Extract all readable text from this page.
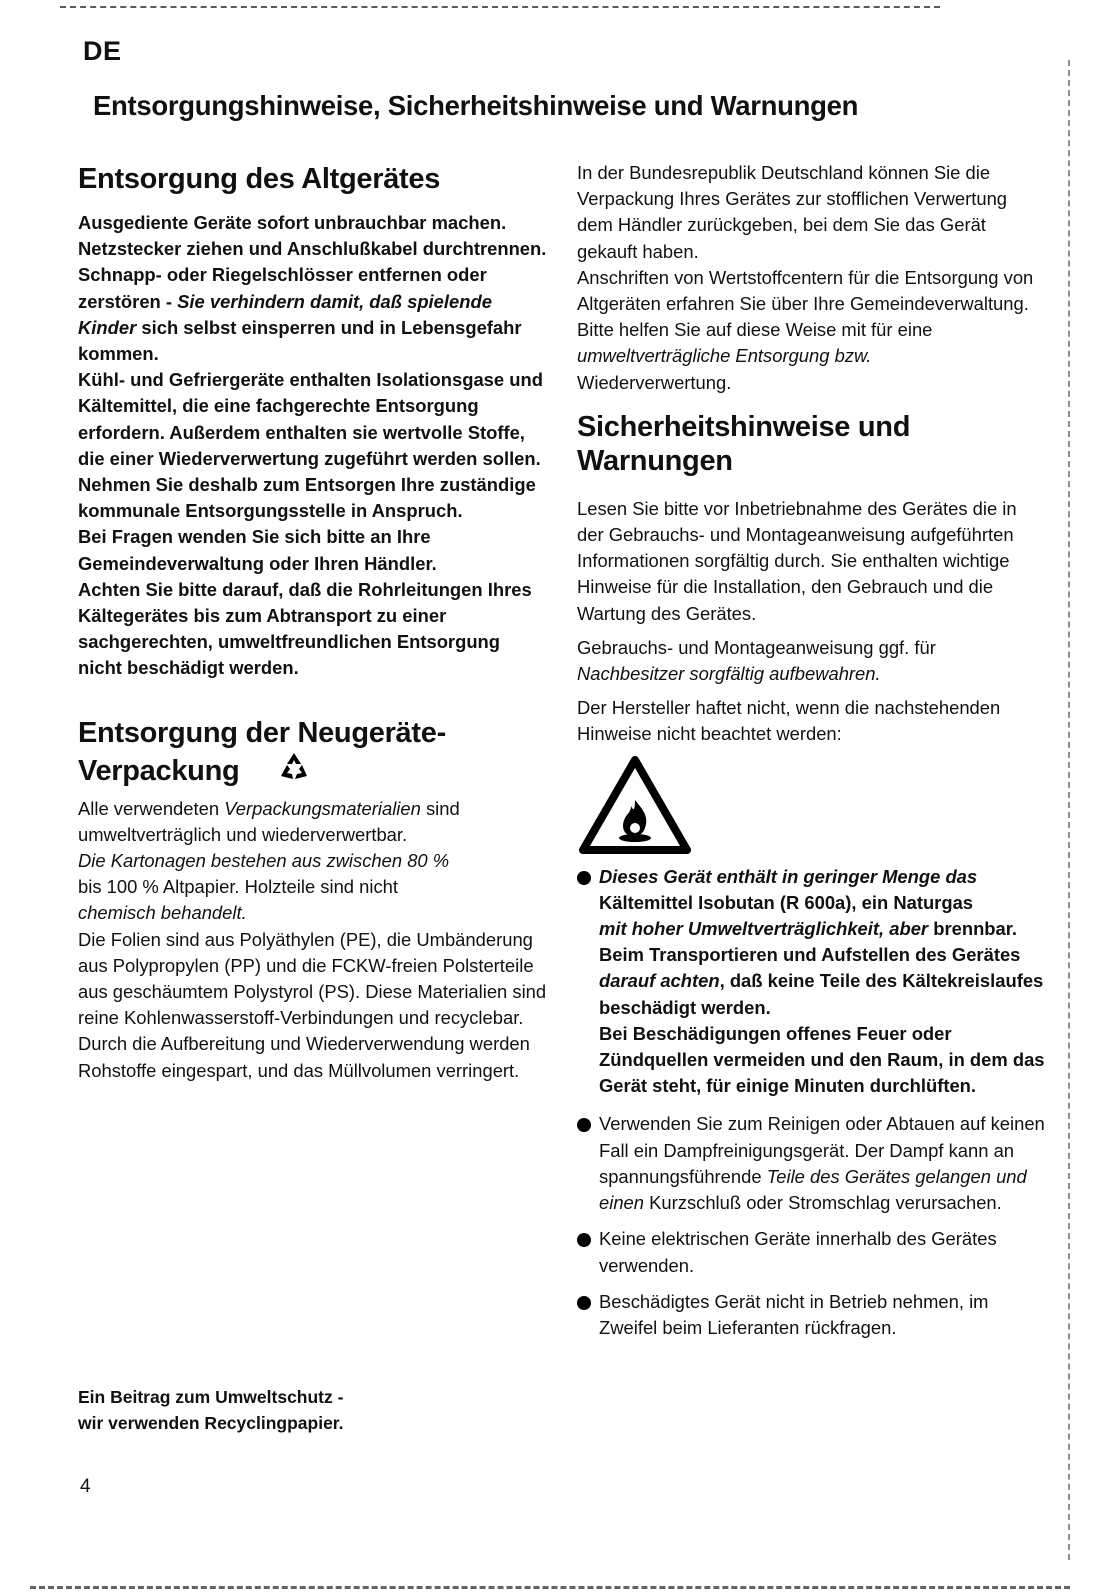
DE
Entsorgungshinweise, Sicherheitshinweise und Warnungen
Entsorgung des Altgerätes

Ausgediente Geräte sofort unbrauchbar machen. Netzstecker ziehen und Anschlußkabel durchtrennen. Schnapp- oder Riegelschlösser entfernen oder zerstören - Sie verhindern damit, daß spielende Kinder sich selbst einsperren und in Lebensgefahr kommen.

Kühl- und Gefriergeräte enthalten Isolationsgase und Kältemittel, die eine fachgerechte Entsorgung erfordern. Außerdem enthalten sie wertvolle Stoffe, die einer Wiederverwertung zugeführt werden sollen. Nehmen Sie deshalb zum Entsorgen Ihre zuständige kommunale Entsorgungsstelle in Anspruch.

Bei Fragen wenden Sie sich bitte an Ihre Gemeindeverwaltung oder Ihren Händler.

Achten Sie bitte darauf, daß die Rohrleitungen Ihres Kältegerätes bis zum Abtransport zu einer sachgerechten, umweltfreundlichen Entsorgung nicht beschädigt werden.

Entsorgung der Neugeräte-
Verpackung

Alle verwendeten Verpackungsmaterialien sind umweltverträglich und wiederverwertbar.
Die Kartonagen bestehen aus zwischen 80 %
bis 100 % Altpapier. Holzteile sind nicht
chemisch behandelt.

Die Folien sind aus Polyäthylen (PE), die Umbänderung aus Polypropylen (PP) und die FCKW-freien Polsterteile aus geschäumtem Polystyrol (PS). Diese Materialien sind reine Kohlenwasserstoff-Verbindungen und recyclebar. Durch die Aufbereitung und Wiederverwendung werden Rohstoffe eingespart, und das Müllvolumen verringert.

Ein Beitrag zum Umweltschutz -
wir verwenden Recyclingpapier.

4

In der Bundesrepublik Deutschland können Sie die Verpackung Ihres Gerätes zur stofflichen Verwertung dem Händler zurückgeben, bei dem Sie das Gerät gekauft haben.

Anschriften von Wertstoffcentern für die Entsorgung von Altgeräten erfahren Sie über Ihre Gemeindeverwaltung.

Bitte helfen Sie auf diese Weise mit für eine
umweltverträgliche Entsorgung bzw.
Wiederverwertung.

Sicherheitshinweise und
Warnungen

Lesen Sie bitte vor Inbetriebnahme des Gerätes die in der Gebrauchs- und Montageanweisung aufgeführten Informationen sorgfältig durch. Sie enthalten wichtige Hinweise für die Installation, den Gebrauch und die Wartung des Gerätes.

Gebrauchs- und Montageanweisung ggf. für
Nachbesitzer sorgfältig aufbewahren.

Der Hersteller haftet nicht, wenn die nachstehenden Hinweise nicht beachtet werden:

Dieses Gerät enthält in geringer Menge das
Kältemittel Isobutan (R 600a), ein Naturgas
mit hoher Umweltverträglichkeit, aber brennbar. Beim Transportieren und Aufstellen des Gerätes darauf achten, daß keine Teile des Kältekreislaufes beschädigt werden.

Bei Beschädigungen offenes Feuer oder Zündquellen vermeiden und den Raum, in dem das Gerät steht, für einige Minuten durchlüften.

Verwenden Sie zum Reinigen oder Abtauen auf keinen Fall ein Dampfreinigungsgerät. Der Dampf kann an spannungsführende Teile des Gerätes gelangen und einen Kurzschluß oder Stromschlag verursachen.

Keine elektrischen Geräte innerhalb des Gerätes verwenden.

Beschädigtes Gerät nicht in Betrieb nehmen, im Zweifel beim Lieferanten rückfragen.
